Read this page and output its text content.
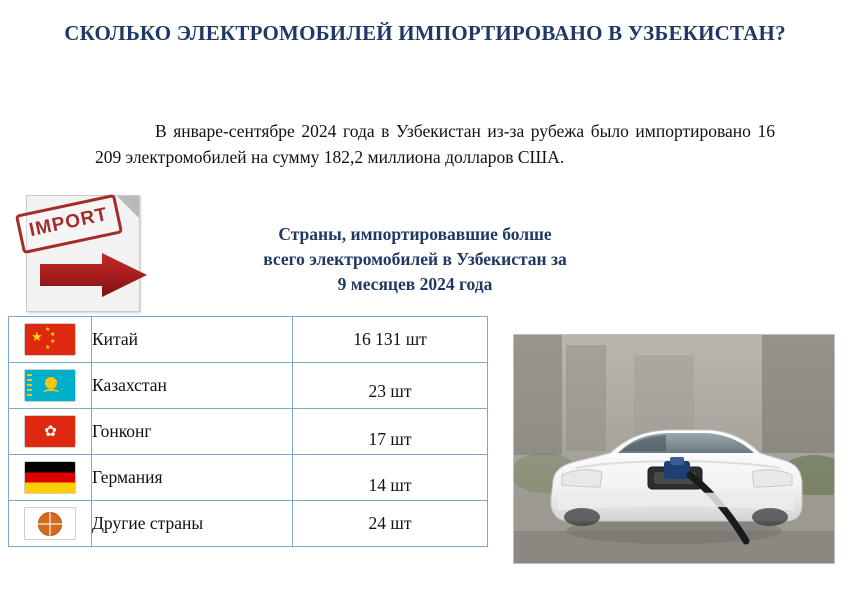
СКОЛЬКО ЭЛЕКТРОМОБИЛЕЙ ИМПОРТИРОВАНО В УЗБЕКИСТАН?
В январе-сентябре 2024 года в Узбекистан из-за рубежа было импортировано 16 209 электромобилей на сумму 182,2 миллиона долларов США.
IMPORT	Страны, импортировавшие болше
всего электромобилей в Узбекистан за
9 месяцев 2024 года
★ ★
★
★
★	Китай	16 131 шт

	Казахстан	23 шт

✿	Гонконг	17 шт
	Германия	14 шт

	Другие страны	24 шт
